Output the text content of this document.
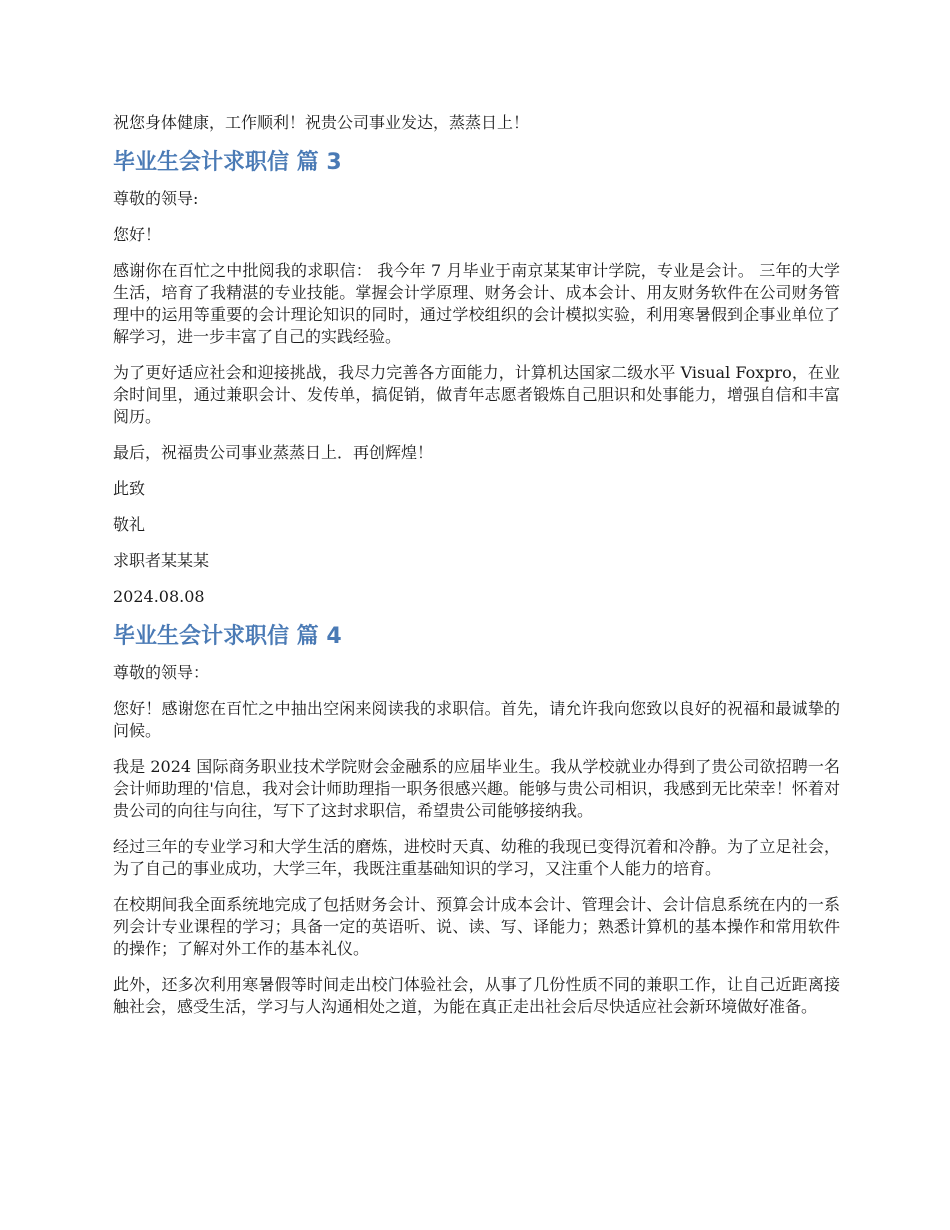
祝您身体健康，工作顺利！祝贵公司事业发达，蒸蒸日上！

毕业生会计求职信 篇 3

尊敬的领导:

您好！

感谢你在百忙之中批阅我的求职信： 我今年 7 月毕业于南京某某审计学院，专业是会计。 三年的大学生活，培育了我精湛的专业技能。掌握会计学原理、财务会计、成本会计、用友财务软件在公司财务管理中的运用等重要的会计理论知识的同时，通过学校组织的会计模拟实验，利用寒暑假到企事业单位了解学习，进一步丰富了自己的实践经验。

为了更好适应社会和迎接挑战，我尽力完善各方面能力，计算机达国家二级水平 Visual Foxpro，在业余时间里，通过兼职会计、发传单，搞促销，做青年志愿者锻炼自己胆识和处事能力，增强自信和丰富阅历。

最后，祝福贵公司事业蒸蒸日上．再创辉煌！

此致

敬礼

求职者某某某

2024.08.08

毕业生会计求职信 篇 4

尊敬的领导：

您好！感谢您在百忙之中抽出空闲来阅读我的求职信。首先，请允许我向您致以良好的祝福和最诚挚的问候。

我是 2024 国际商务职业技术学院财会金融系的应届毕业生。我从学校就业办得到了贵公司欲招聘一名会计师助理的'信息，我对会计师助理指一职务很感兴趣。能够与贵公司相识，我感到无比荣幸！怀着对贵公司的向往与向往，写下了这封求职信，希望贵公司能够接纳我。

经过三年的专业学习和大学生活的磨炼，进校时天真、幼稚的我现已变得沉着和冷静。为了立足社会，为了自己的事业成功，大学三年，我既注重基础知识的学习，又注重个人能力的培育。

在校期间我全面系统地完成了包括财务会计、预算会计成本会计、管理会计、会计信息系统在内的一系列会计专业课程的学习；具备一定的英语听、说、读、写、译能力；熟悉计算机的基本操作和常用软件的操作；了解对外工作的基本礼仪。

此外，还多次利用寒暑假等时间走出校门体验社会，从事了几份性质不同的兼职工作，让自己近距离接触社会，感受生活，学习与人沟通相处之道，为能在真正走出社会后尽快适应社会新环境做好准备。
